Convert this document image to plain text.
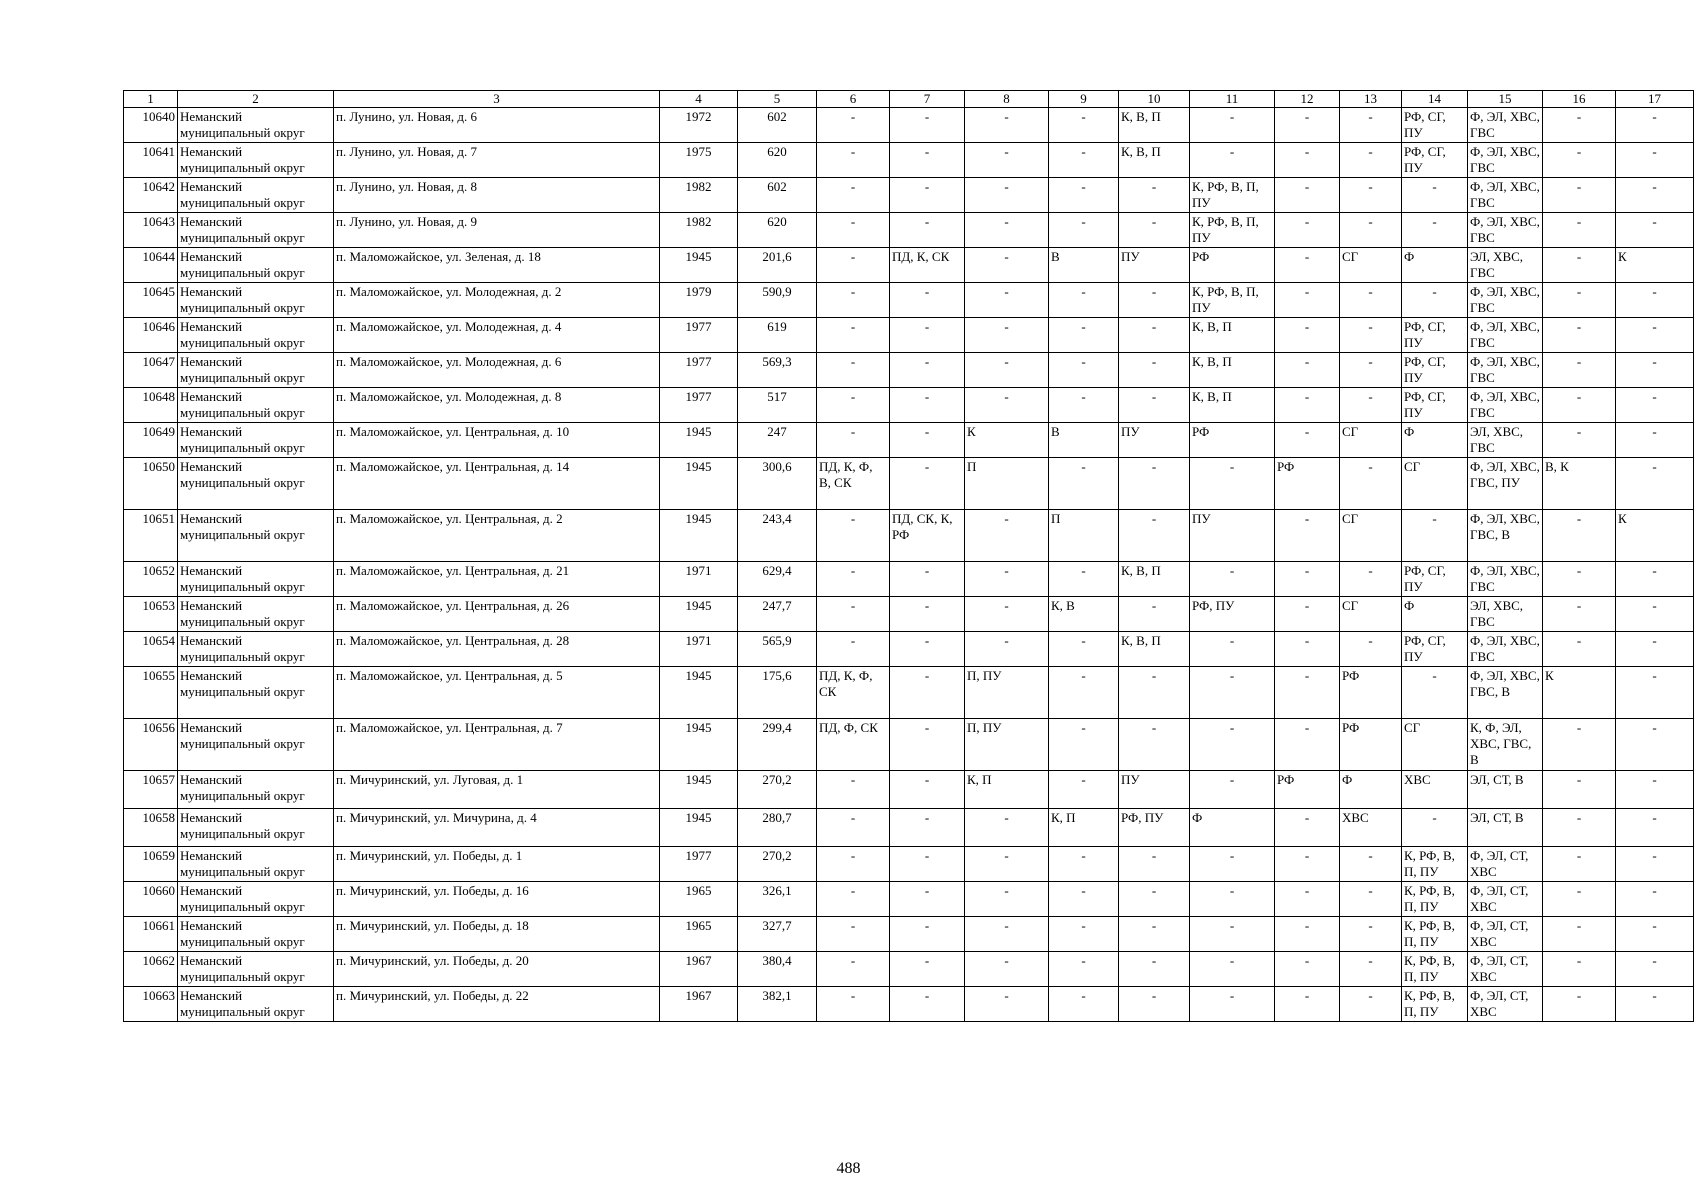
1	2	3	4	5	6	7	8	9	10	11	12	13	14	15	16	17
10640	Неманский муниципальный округ	п. Лунино, ул. Новая, д. 6	1972	602	-	-	-	-	К, В, П	-	-	-	РФ, СГ, ПУ	Ф, ЭЛ, ХВС, ГВС	-	-
10641	Неманский муниципальный округ	п. Лунино, ул. Новая, д. 7	1975	620	-	-	-	-	К, В, П	-	-	-	РФ, СГ, ПУ	Ф, ЭЛ, ХВС, ГВС	-	-
10642	Неманский муниципальный округ	п. Лунино, ул. Новая, д. 8	1982	602	-	-	-	-	-	К, РФ, В, П, ПУ	-	-	-	Ф, ЭЛ, ХВС, ГВС	-	-
10643	Неманский муниципальный округ	п. Лунино, ул. Новая, д. 9	1982	620	-	-	-	-	-	К, РФ, В, П, ПУ	-	-	-	Ф, ЭЛ, ХВС, ГВС	-	-
10644	Неманский муниципальный округ	п. Маломожайское, ул. Зеленая, д. 18	1945	201,6	-	ПД, К, СК	-	В	ПУ	РФ	-	СГ	Ф	ЭЛ, ХВС, ГВС	-	К
10645	Неманский муниципальный округ	п. Маломожайское, ул. Молодежная, д. 2	1979	590,9	-	-	-	-	-	К, РФ, В, П, ПУ	-	-	-	Ф, ЭЛ, ХВС, ГВС	-	-
10646	Неманский муниципальный округ	п. Маломожайское, ул. Молодежная, д. 4	1977	619	-	-	-	-	-	К, В, П	-	-	РФ, СГ, ПУ	Ф, ЭЛ, ХВС, ГВС	-	-
10647	Неманский муниципальный округ	п. Маломожайское, ул. Молодежная, д. 6	1977	569,3	-	-	-	-	-	К, В, П	-	-	РФ, СГ, ПУ	Ф, ЭЛ, ХВС, ГВС	-	-
10648	Неманский муниципальный округ	п. Маломожайское, ул. Молодежная, д. 8	1977	517	-	-	-	-	-	К, В, П	-	-	РФ, СГ, ПУ	Ф, ЭЛ, ХВС, ГВС	-	-
10649	Неманский муниципальный округ	п. Маломожайское, ул. Центральная, д. 10	1945	247	-	-	К	В	ПУ	РФ	-	СГ	Ф	ЭЛ, ХВС, ГВС	-	-
10650	Неманский муниципальный округ	п. Маломожайское, ул. Центральная, д. 14	1945	300,6	ПД, К, Ф, В, СК	-	П	-	-	-	РФ	-	СГ	Ф, ЭЛ, ХВС, ГВС, ПУ	В, К	-
10651	Неманский муниципальный округ	п. Маломожайское, ул. Центральная, д. 2	1945	243,4	-	ПД, СК, К, РФ	-	П	-	ПУ	-	СГ	-	Ф, ЭЛ, ХВС, ГВС, В	-	К
10652	Неманский муниципальный округ	п. Маломожайское, ул. Центральная, д. 21	1971	629,4	-	-	-	-	К, В, П	-	-	-	РФ, СГ, ПУ	Ф, ЭЛ, ХВС, ГВС	-	-
10653	Неманский муниципальный округ	п. Маломожайское, ул. Центральная, д. 26	1945	247,7	-	-	-	К, В	-	РФ, ПУ	-	СГ	Ф	ЭЛ, ХВС, ГВС	-	-
10654	Неманский муниципальный округ	п. Маломожайское, ул. Центральная, д. 28	1971	565,9	-	-	-	-	К, В, П	-	-	-	РФ, СГ, ПУ	Ф, ЭЛ, ХВС, ГВС	-	-
10655	Неманский муниципальный округ	п. Маломожайское, ул. Центральная, д. 5	1945	175,6	ПД, К, Ф, СК	-	П, ПУ	-	-	-	-	РФ	-	Ф, ЭЛ, ХВС, ГВС, В	К	-
10656	Неманский муниципальный округ	п. Маломожайское, ул. Центральная, д. 7	1945	299,4	ПД, Ф, СК	-	П, ПУ	-	-	-	-	РФ	СГ	К, Ф, ЭЛ, ХВС, ГВС, В	-	-
10657	Неманский муниципальный округ	п. Мичуринский, ул. Луговая, д. 1	1945	270,2	-	-	К, П	-	ПУ	-	РФ	Ф	ХВС	ЭЛ, СТ, В	-	-
10658	Неманский муниципальный округ	п. Мичуринский, ул. Мичурина, д. 4	1945	280,7	-	-	-	К, П	РФ, ПУ	Ф	-	ХВС	-	ЭЛ, СТ, В	-	-
10659	Неманский муниципальный округ	п. Мичуринский, ул. Победы, д. 1	1977	270,2	-	-	-	-	-	-	-	-	К, РФ, В, П, ПУ	Ф, ЭЛ, СТ, ХВС	-	-
10660	Неманский муниципальный округ	п. Мичуринский, ул. Победы, д. 16	1965	326,1	-	-	-	-	-	-	-	-	К, РФ, В, П, ПУ	Ф, ЭЛ, СТ, ХВС	-	-
10661	Неманский муниципальный округ	п. Мичуринский, ул. Победы, д. 18	1965	327,7	-	-	-	-	-	-	-	-	К, РФ, В, П, ПУ	Ф, ЭЛ, СТ, ХВС	-	-
10662	Неманский муниципальный округ	п. Мичуринский, ул. Победы, д. 20	1967	380,4	-	-	-	-	-	-	-	-	К, РФ, В, П, ПУ	Ф, ЭЛ, СТ, ХВС	-	-
10663	Неманский муниципальный округ	п. Мичуринский, ул. Победы, д. 22	1967	382,1	-	-	-	-	-	-	-	-	К, РФ, В, П, ПУ	Ф, ЭЛ, СТ, ХВС	-	-
488
